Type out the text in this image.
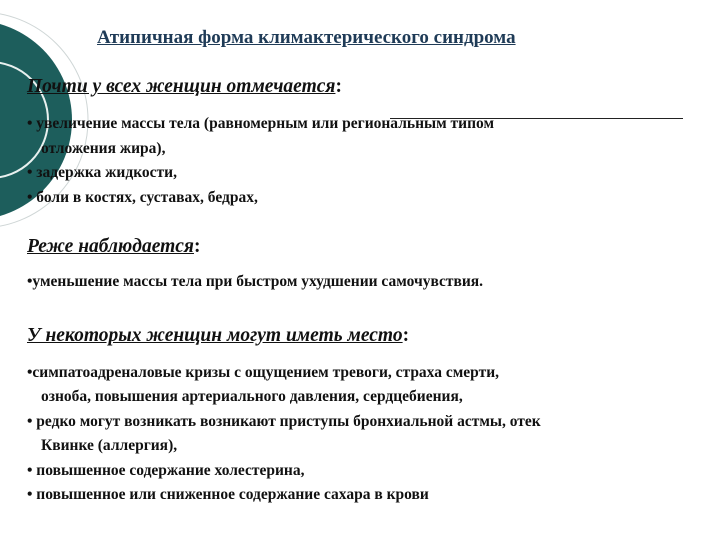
Атипичная форма климактерического синдрома
Почти у всех женщин отмечается:
• увеличение массы тела (равномерным или региональным типом
отложения жира),
• задержка жидкости,
• боли в костях, суставах, бедрах,
Реже наблюдается:
•уменьшение массы тела при быстром ухудшении самочувствия.
У некоторых женщин могут иметь место:
•симпатоадреналовые кризы с ощущением тревоги, страха смерти,
озноба, повышения артериального давления, сердцебиения,
• редко могут возникать возникают приступы бронхиальной астмы, отек
Квинке (аллергия),
• повышенное содержание холестерина,
• повышенное или сниженное содержание сахара в крови
